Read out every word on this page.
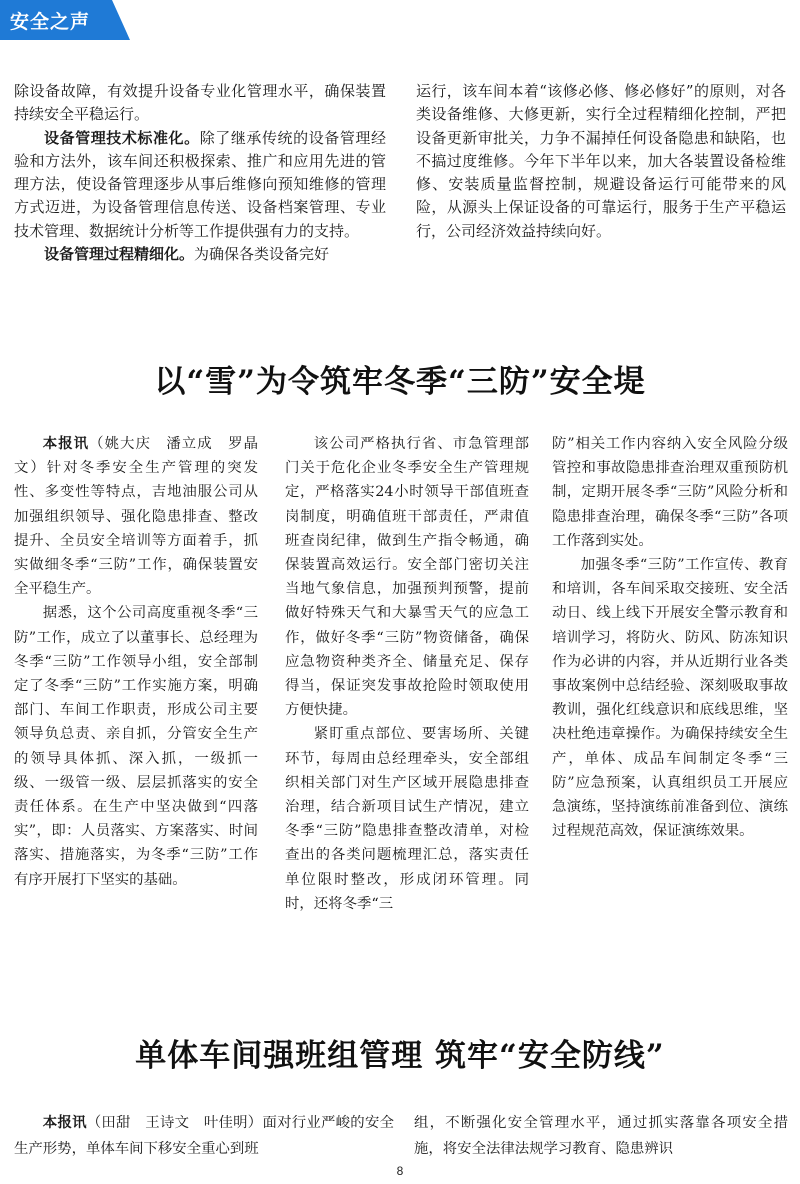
安全之声

除设备故障，有效提升设备专业化管理水平，确保装置持续安全平稳运行。

设备管理技术标准化。除了继承传统的设备管理经验和方法外，该车间还积极探索、推广和应用先进的管理方法，使设备管理逐步从事后维修向预知维修的管理方式迈进，为设备管理信息传送、设备档案管理、专业技术管理、数据统计分析等工作提供强有力的支持。

设备管理过程精细化。为确保各类设备完好

运行，该车间本着“该修必修、修必修好”的原则，对各类设备维修、大修更新，实行全过程精细化控制，严把设备更新审批关，力争不漏掉任何设备隐患和缺陷，也不搞过度维修。今年下半年以来，加大各装置设备检维修、安装质量监督控制，规避设备运行可能带来的风险，从源头上保证设备的可靠运行，服务于生产平稳运行，公司经济效益持续向好。

以“雪”为令筑牢冬季“三防”安全堤

本报讯（姚大庆　潘立成　罗晶文）针对冬季安全生产管理的突发性、多变性等特点，吉地油服公司从加强组织领导、强化隐患排查、整改提升、全员安全培训等方面着手，抓实做细冬季“三防”工作，确保装置安全平稳生产。

据悉，这个公司高度重视冬季“三防”工作，成立了以董事长、总经理为冬季“三防”工作领导小组，安全部制定了冬季“三防”工作实施方案，明确部门、车间工作职责，形成公司主要领导负总责、亲自抓，分管安全生产的领导具体抓、深入抓，一级抓一级、一级管一级、层层抓落实的安全责任体系。在生产中坚决做到“四落实”，即：人员落实、方案落实、时间落实、措施落实，为冬季“三防”工作有序开展打下坚实的基础。

该公司严格执行省、市急管理部门关于危化企业冬季安全生产管理规定，严格落实24小时领导干部值班查岗制度，明确值班干部责任，严肃值班查岗纪律，做到生产指令畅通，确保装置高效运行。安全部门密切关注当地气象信息，加强预判预警，提前做好特殊天气和大暴雪天气的应急工作，做好冬季“三防”物资储备，确保应急物资种类齐全、储量充足、保存得当，保证突发事故抢险时领取使用方便快捷。

紧盯重点部位、要害场所、关键环节，每周由总经理牵头，安全部组织相关部门对生产区域开展隐患排查治理，结合新项目试生产情况，建立冬季“三防”隐患排查整改清单，对检查出的各类问题梳理汇总，落实责任单位限时整改，形成闭环管理。同时，还将冬季“三

防”相关工作内容纳入安全风险分级管控和事故隐患排查治理双重预防机制，定期开展冬季“三防”风险分析和隐患排查治理，确保冬季“三防”各项工作落到实处。

加强冬季“三防”工作宣传、教育和培训，各车间采取交接班、安全活动日、线上线下开展安全警示教育和培训学习，将防火、防风、防冻知识作为必讲的内容，并从近期行业各类事故案例中总结经验、深刻吸取事故教训，强化红线意识和底线思维，坚决杜绝违章操作。为确保持续安全生产，单体、成品车间制定冬季“三防”应急预案，认真组织员工开展应急演练，坚持演练前准备到位、演练过程规范高效，保证演练效果。

单体车间强班组管理 筑牢“安全防线”

本报讯（田甜　王诗文　叶佳明）面对行业严峻的安全生产形势，单体车间下移安全重心到班

组，不断强化安全管理水平，通过抓实落靠各项安全措施，将安全法律法规学习教育、隐患辨识

8
